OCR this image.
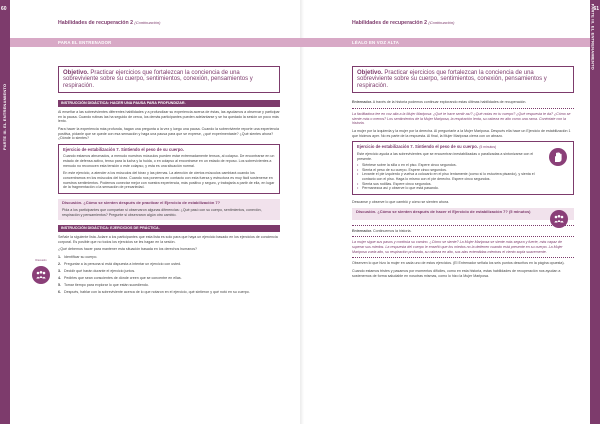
60
PARTE III. EL ENTRENAMIENTO
Habilidades de recuperación 2 (Continuación)
PARA EL ENTRENADOR

Objetivo. Practicar ejercicios que fortalezcan la conciencia de una sobreviviente sobre su cuerpo, sentimientos, conexión, pensamientos y respiración.

INSTRUCCIÓN DIDÁCTICA: HACER UNA PAUSA PARA PROFUNDIZAR.

Al enseñar a las sobrevivientes diferentes habilidades y a profundizar su experiencia acerca de éstas, las ayudamos a observar y participar en la pausa. Cuando rutinas las ha seguido de cerca, los demás participantes pueden adelantarse y se ha quedado la sesión un poco más lento.

Para hacer la experiencia más profunda, hagan una pregunta a la vez y luego una pausa. Cuando la sobreviviente reporte una experiencia positiva, pídanle que se quede con esa sensación y haga una pausa para que se exprese, ¿qué experimentaste? ¿Qué sientes ahora? ¿Dónde lo sientes?

Ejercicio de estabilización 7. Sintiendo el peso de su cuerpo.

Cuando estamos abrumados, a menudo nuestros músculos pueden estar extremadamente tensos, al colapso. De encontrarse en un estado de defensa activo, tenso para la lucha y la huida, o en colapso al encontrarse en un estado de reposo. Los sobrevivientes a menudo no reconocen esta tensión o este colapso, y esta es una situación normal.

En este ejercicio, a atender a los músculos del tórax y las piernas. La atención de ciertos músculos cambiará cuando los concentramos en los músculos del tórax. Cuando nos ponemos en contacto con esta fuerza y estructura es muy fácil sostenerse en nuestros sentimientos. Podemos conectar mejor con nuestra experiencia, más positivo y seguro, y trabajarla a partir de ella, en lugar de la fragmentación o la sensación de precariedad.

Discusión. ¿Cómo se sienten después de practicar el Ejercicio de estabilización 7?

Pida a los participantes que compartan si observaron algunas diferencias: ¿Qué pasó con su cuerpo, sentimientos, conexión, respiración y pensamientos? Pregunte si observaron algún otro cambio.

INSTRUCCIÓN DIDÁCTICA: EJERCICIOS DE PRÁCTICA.

Señale la siguiente lista. Aclare a los participantes que esta lista es solo para que haya un ejercicio basado en los ejercicios de conciencia corporal. Es posible que no todos los ejercicios se les hagan en la sesión.

¿Qué debemos hacer para mantener esta situación basada en los derechos humanos?

1. Identificar su cuerpo.
2. Preguntar a la persona si está dispuesta a intentar un ejercicio con usted.
3. Decidir qué harán durante el ejercicio juntos.
4. Pedirles que sean conscientes de dónde creen que se concentre en ellas.
5. Tomar tiempo para explorar lo que están sucediendo.
6. Después, hablar con la sobreviviente acerca de lo que notaron en el ejercicio, qué sintieron y qué notó en su cuerpo.
Discusión
61
PARTE III. EL ENTRENAMIENTO
Habilidades de recuperación 2 (Continuación)
LÉALO EN VOZ ALTA

Objetivo. Practicar ejercicios que fortalezcan la conciencia de una sobreviviente sobre su cuerpo, sentimientos, conexión, pensamientos y respiración.

Entrenador. A través de la historia podemos continuar explorando estas últimas habilidades de recuperación.

La facilitadora lee en voz alta a la Mujer Mariposa: ¿Qué te hace sentir así? ¿Qué notas en tu cuerpo? ¿Qué respuesta te da? ¿Cómo se siente más o menos? Los sentimientos de la Mujer Mariposa, la respiración lenta, su cabeza en alto como una rama. Conéctate con la historia.

La mujer por la izquierda y la mujer por la derecha. Al preguntarle a la Mujer Mariposa. Después ella hace un Ejercicio de estabilización 1 que hicimos ayer. No es parte de la respuesta. Al final, la Mujer Mariposa cierra con un abrazo.

Ejercicio de estabilización 7. Sintiendo el peso de su cuerpo. (5 minutos)

Este ejercicio ayuda a las sobrevivientes que se encuentran inestabilizadas o paralizadas a sintonizarse con el presente.

• Siéntese sobre la silla o en el piso. Espere cinco segundos.
• Sienta el peso de su cuerpo. Espere cinco segundos.
• Levante el pie izquierdo y vuelva a colocarlo en el piso lentamente (como si lo estuviera pisando), y sienta el contacto con el piso. Haga lo mismo con el pie derecho. Espere cinco segundos.
• Sienta sus rodillas. Espere cinco segundos.
• Permanezca así y observe lo que está pasando.

Descanse y observe lo que cambió y cómo se sienten ahora.

Discusión. ¿Cómo se sienten después de hacer el Ejercicio de estabilización 7? (5 minutos)

Entrenador. Continuemos la historia.

La mujer sigue sus pasos y continúa su camino. ¿Cómo se siente? La Mujer Mariposa se siente más segura y fuerte, más capaz de superar sus miedos. La respuesta del cuerpo le enseñó que los miedos no la detienen cuando está presente en su cuerpo. La Mujer Mariposa vuela alto, su respiración profunda, su cabeza en alto, sus alas extendidas mientras el viento sopla suavemente.

Observen lo que hizo la mujer en cada uno de estos ejercicios. (El Entrenador señala los seis puntos descritos en la página opuesta).

Cuando estamos tristes y pasamos por momentos difíciles, como en esta historia, estas habilidades de recuperación nos ayudan a sostenernos de forma saludable en nosotras mismas, como lo hizo la Mujer Mariposa.
